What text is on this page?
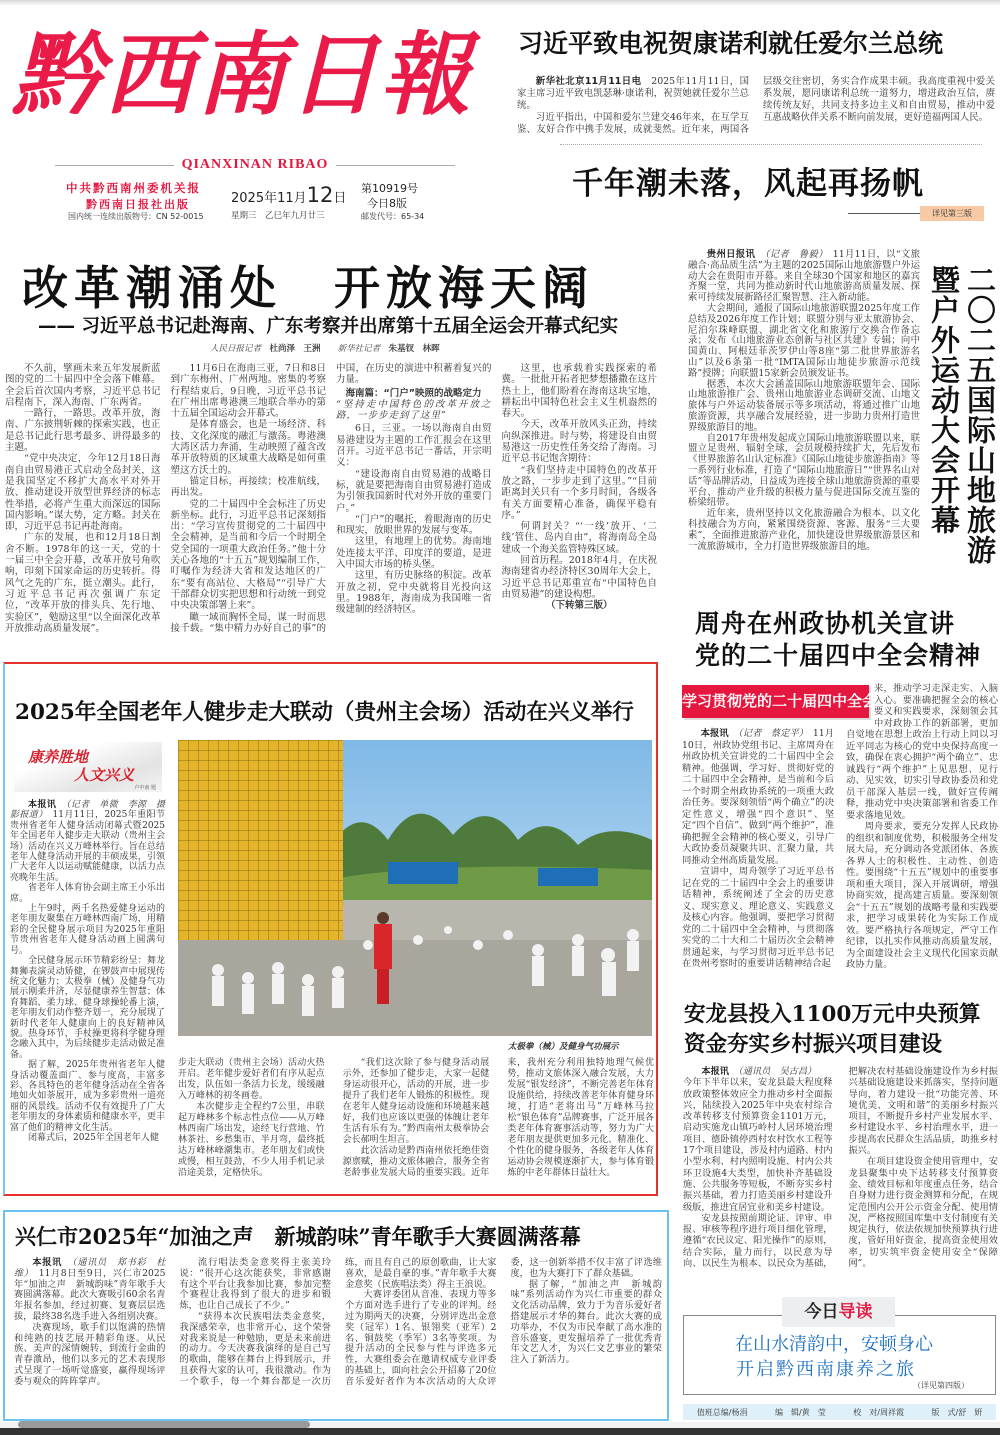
黔西南日報
QIANXINAN RIBAO
中共黔西南州委机关报
黔西南日报社出版
国内统一连续出版物号：CN 52-0015
2025年11月12日
星期三　乙巳年九月廿三
第10919号
今日8版
邮发代号：65-34
习近平致电祝贺康诺利就任爱尔兰总统

新华社北京11月11日电　 2025年11月11日，国家主席习近平致电凯瑟琳·康诺利，祝贺她就任爱尔兰总统。

习近平指出，中国和爱尔兰建交46年来，在互学互鉴、友好合作中携手发展，成就斐然。近年来，两国各层级交往密切，务实合作成果丰硕。我高度重视中爱关系发展，愿同康诺利总统一道努力，增进政治互信，赓续传统友好，共同支持多边主义和自由贸易，推动中爱互惠战略伙伴关系不断向前发展，更好造福两国人民。

千年潮未落，风起再扬帆
详见第三版
改革潮涌处　开放海天阔
—— 习近平总书记赴海南、广东考察并出席第十五届全运会开幕式纪实
人民日报记者　 杜尚泽　王洲　　 新华社记者　 朱基钗　林晖

不久前，擘画未来五年发展新蓝图的党的二十届四中全会落下帷幕。全会后首次国内考察，习近平总书记启程南下，深入海南、广东两省。

一路行，一路思。改革开放，海南、广东披荆斩棘的探索实践，也正是总书记此行思考最多、讲得最多的主题。

“党中央决定，今年12月18日海南自由贸易港正式启动全岛封关，这是我国坚定不移扩大高水平对外开放、推动建设开放型世界经济的标志性举措，必将产生重大而深远的国际国内影响。”谋大势，定方略。封关在即，习近平总书记再赴海南。

广东的发展，也和12月18日割舍不断。1978年的这一天，党的十一届三中全会开幕，改革开放号角吹响，印刻下国家命运的历史转折。得风气之先的广东，挺立潮头。此行，习近平总书记再次强调广东定位，“改革开放的排头兵、先行地、实验区”，勉励这里“以全面深化改革开放推动高质量发展”。

11月6日在海南三亚，7日和8日到广东梅州、广州两地。密集的考察行程结束后，9日晚，习近平总书记在广州出席粤港澳三地联合举办的第十五届全国运动会开幕式。

是体育盛会，也是一场经济、科技、文化深度的融汇与激荡。粤港澳大湾区活力奔涌，生动映照了蕴含改革开放特质的区域重大战略是如何重塑这方沃土的。

锚定目标，再接续；校准航线，再出发。

党的二十届四中全会标注了历史新坐标。此行，习近平总书记深刻指出：“学习宣传贯彻党的二十届四中全会精神，是当前和今后一个时期全党全国的一项重大政治任务。”他十分关心各地的“十五五”规划编制工作，叮嘱作为经济大省和发达地区的广东“要有高站位、大格局”“引导广大干部群众切实把思想和行动统一到党中央决策部署上来”。

瞰一域而胸怀全局，谋一时而思接千载。“集中精力办好自己的事”的中国，在历史的演进中积蓄着复兴的力量。

海南篇：“门户”映照的战略定力
“坚持走中国特色的改革开放之路，一步步走到了这里”

6日，三亚。一场以海南自由贸易港建设为主题的工作汇报会在这里召开。习近平总书记一番话，开宗明义：

“建设海南自由贸易港的战略目标，就是要把海南自由贸易港打造成为引领我国新时代对外开放的重要门户。”

“门户”的嘱托，着眼海南的历史和现实，放眼世界的发展与变革。

这里，有地理上的优势。海南地处连接太平洋、印度洋的要道，是进入中国大市场的桥头堡。

这里，有历史脉络的积淀。改革开放之初，党中央就将目光投向这里。1988年，海南成为我国唯一省级建制的经济特区。

这里，也承载着实践探索的希冀。一批批开拓者把梦想播撒在这片热土上，他们盼着在海南这块宝地，耕耘出中国特色社会主义生机盎然的春天。

今天，改革开放风头正劲，持续向纵深推进。时与势，将建设自由贸易港这一历史性任务交给了海南。习近平总书记饱含期待：

“我们坚持走中国特色的改革开放之路，一步步走到了这里。”“目前距离封关只有一个多月时间，各级各有关方面要精心准备，确保平稳有序。”

何谓封关？“‘一线’放开、‘二线’管住、岛内自由”，将海南岛全岛建成一个海关监管特殊区域。

回首历程。2018年4月，在庆祝海南建省办经济特区30周年大会上，习近平总书记郑重宣布“中国特色自由贸易港”的建设构想。

（下转第三版）

贵州日报讯　 （记者　鲁毅）　 11月11日，以“文旅融合·高品质生活”为主题的2025国际山地旅游暨户外运动大会在贵阳市开幕。来自全球30个国家和地区的嘉宾齐聚一堂，共同为推动新时代山地旅游高质量发展、探索可持续发展新路径汇聚智慧、注入新动能。

大会期间，通报了国际山地旅游联盟2025年度工作总结及2026年度工作计划；联盟分别与亚太旅游协会、尼泊尔珠峰联盟、湖北省文化和旅游厅交换合作备忘录；发布《山地旅游业态创新与社区共建》专辑；向中国黄山、阿根廷菲茨罗伊山等8座“第二批世界旅游名山”以及6条第一批“IMTA国际山地徒步旅游示范线路”授牌；向联盟15家新会员颁发证书。

据悉，本次大会涵盖国际山地旅游联盟年会、国际山地旅游推广会、贵州山地旅游业态调研交流、山地文旅体与户外运动装备展示等多项活动，将通过推广山地旅游资源，共享融合发展经验，进一步助力贵州打造世界级旅游目的地。

自2017年贵州发起成立国际山地旅游联盟以来，联盟立足贵州、辐射全球，会员规模持续扩大，先后发布《世界旅游名山认定标准》《国际山地徒步旅游指南》等一系列行业标准，打造了“国际山地旅游日”“世界名山对话”等品牌活动，日益成为连接全球山地旅游资源的重要平台、推动产业升级的积极力量与促进国际交流互鉴的桥梁纽带。

近年来，贵州坚持以文化旅游融合为根本、以文化科技融合为方向，紧紧围绕资源、客源、服务“三大要素”，全面推进旅游产业化，加快建设世界级旅游景区和一流旅游城市，全力打造世界级旅游目的地。	二〇二五国际山地旅游暨户外运动大会开幕
周舟在州政协机关宣讲
党的二十届四中全会精神
学习贯彻党的二十届四中全会精神

本报讯　 （记者　蔡定平）　 11月10日，州政协党组书记、主席周舟在州政协机关宣讲党的二十届四中全会精神。他强调，学习好、贯彻好党的二十届四中全会精神，是当前和今后一个时期全州政协系统的一项重大政治任务。要深刻领悟“两个确立”的决定性意义，增强“四个意识”、坚定“四个自信”、做到“两个维护”，准确把握全会精神的核心要义，引导广大政协委员凝聚共识、汇聚力量，共同推动全州高质量发展。

宣讲中，周舟领学了习近平总书记在党的二十届四中全会上的重要讲话精神，系统阐述了全会的历史意义、现实意义、理论意义、实践意义及核心内容。他强调，要把学习贯彻党的二十届四中全会精神，与贯彻落实党的二十大和二十届历次全会精神贯通起来，与学习贯彻习近平总书记在贵州考察时的重要讲话精神结合起

来，推动学习走深走实、入脑入心。要准确把握全会的核心要义和实践要求，深刻领会其中对政协工作的新部署，更加自觉地在思想上政治上行动上同以习近平同志为核心的党中央保持高度一致，确保在衷心拥护“两个确立”、忠诚践行“两个维护”上见思想、见行动、见实效，切实引导政协委员和党员干部深入基层一线，做好宣传阐释，推动党中央决策部署和省委工作要求落地见效。

周舟要求，要充分发挥人民政协的组织和制度优势，积极服务全州发展大局，充分调动各党派团体、各族各界人士的积极性、主动性、创造性。要围绕“十五五”规划中的重要事项和重大项目，深入开展调研，增强协商实效，提高建言质量。要深刻领会“十五五”规划的战略考量和实践要求，把学习成果转化为实际工作成效。要严格执行各项规定，严守工作纪律，以扎实作风推动高质量发展，为全面建设社会主义现代化国家贡献政协力量。

安龙县投入1100万元中央预算
资金夯实乡村振兴项目建设

本报讯　 （通讯员　吴古昌）
今年下半年以来，安龙县最大程度释放政策整体效应全力推动乡村全面振兴，陆续投入2025年中央农村综合改革转移支付预算资金1101万元，启动实施龙山镇巧岭村人居环境治理项目、德卧镇停西村农村饮水工程等17个项目建设，涉及村内道路、村内小型水利、村内照明设施、村内公共环卫设施4大类型，加快补齐基础设施、公共服务等短板，不断夯实乡村振兴基础，着力打造美丽乡村建设升级版，推进宜居宜业和美乡村建设。

安龙县按照前期论证、评审、申报、审核等程序进行项目细化管理，遵循“农民议定、阳光操作”的原则，结合实际，量力而行，以民意为导向、以民生为根本、以民众为基础，把解决农村基础设施建设作为乡村振兴基础设施建设来抓落实，坚持问题导向，着力建设一批“功能完善、环境优美、文明和谐”的美丽乡村振兴项目，不断提升乡村产业发展水平、乡村建设水平、乡村治理水平，进一步提高农民群众生活品质，助推乡村振兴。

在项目建设资金使用管理中，安龙县聚集中央下达转移支付预算资金、绩效目标和年度重点任务，结合自身财力进行资金测算和分配，在规定范围内公开公示资金分配、使用情况，严格按照国库集中支付制度有关规定执行，依法依规加快预算执行进度，管好用好资金，提高资金使用效率，切实筑牢资金使用安全“保障网”。

2025年全国老年人健步走大联动（贵州主会场）活动在兴义举行
康养胜地
人文兴义
卢中南 题

本报讯　 （记者　单微　李源　摄影报道）　 11月11日，2025年重阳节贵州省老年人健身活动闭幕式暨2025年全国老年人健步走大联动（贵州主会场）活动在兴义万峰林举行。旨在总结老年人健身活动开展的丰硕成果，引领广大老年人以运动赋能健康，以活力点亮晚年生活。

省老年人体育协会副主席王小乐出席。

上午9时，两千名热爱健身运动的老年朋友聚集在万峰林西南广场，用精彩的全民健身展示项目为2025年重阳节贵州省老年人健身活动画上圆满句号。

全民健身展示环节精彩纷呈：舞龙舞狮表演灵动矫健，在锣鼓声中展现传统文化魅力；太极拳（械）及健身气功展示刚柔并济，尽显健康养生智慧；体育舞蹈、柔力球、健身球操轮番上演，老年朋友们动作整齐划一，充分展现了新时代老年人健康向上的良好精神风貌。热身环节，手杖操更将科学健身理念融入其中，为后续健步走活动做足准备。

据了解，2025年贵州省老年人健身活动覆盖面广、参与度高，丰富多彩、各具特色的老年健身活动在全省各地如火如荼展开，成为多彩贵州一道亮丽的风景线。活动不仅有效提升了广大老年朋友的身体素质和健康水平，更丰富了他们的精神文化生活。

闭幕式后，2025年全国老年人健

太极拳（械）及健身气功展示

步走大联动（贵州主会场）活动火热开启。老年健步爱好者们有序从起点出发，队伍如一条活力长龙，缓缓融入万峰林的初冬画卷。

本次健步走全程约7公里，串联起万峰林多个标志性点位——从万峰林西南广场出发，途经飞行营地、竹林茶社、乡愁集市、半月弯，最终抵达万峰林峰潮集市。老年朋友们或快或慢，相互鼓劲，不少人用手机记录沿途美景，定格快乐。

“我们这次除了参与健身活动展示外，还参加了健步走，大家一起健身运动很开心，活动的开展，进一步提升了我们老年人锻炼的积极性。现在老年人健身运动设施和环境越来越好，我们也应该以更强的体魄让老年生活有乐有为。”黔西南州太极拳协会会长郝明生坦言。

此次活动是黔西南州依托绝佳资源禀赋，推动文旅体融合，服务全省老龄事业发展大局的重要实践。近年来，我州充分利用独特地理气候优势，推动文旅体深入融合发展，大力发展“银发经济”，不断完善老年体育设施供给，持续改善老年体育健身环境，打造“老将出马”万峰林马拉松“银色体育”品牌赛事，广泛开展各类老年体育赛事活动等，努力为广大老年朋友提供更加多元化、精准化、个性化的健身服务，各级老年人体育运动协会规模逐渐扩大，参与体育锻炼的中老年群体日益壮大。

兴仁市2025年“加油之声　新城韵味”青年歌手大赛圆满落幕

本报讯　 （通讯员　郑书彩　杜维）　 11月8日至9日，兴仁市2025年“加油之声　新城韵味”青年歌手大赛圆满落幕。此次大赛吸引60余名青年报名参加，经过初赛、复赛层层选拔，最终38名选手进入各组别决赛。

决赛现场，歌手们以饱满的热情和纯熟的技艺展开精彩角逐。从民族、美声的深情婉转，到流行金曲的青春激昂，他们以多元的艺术表现形式呈现了一场听觉盛宴，赢得现场评委与观众的阵阵掌声。

流行唱法类金意奖得主张美玲说：“很开心这次能获奖，非常感谢有这个平台让我参加比赛，参加完整个赛程让我得到了很大的进步和锻炼，也让自己成长了不少。”

“获得本次民族唱法类金意奖，我深感荣幸，也非常开心，这个荣誉对我来说是一种勉励，更是未来前进的动力。今天决赛我演绎的是自己写的歌曲，能够在舞台上得到展示，并且获得大家的认可，我很激动。作为一个歌手，每一个舞台都是一次历练，而且有自己的原创歌曲，让大家喜欢，是最自豪的事。”青年歌手大赛金意奖（民族唱法类）得主王浪说。

大赛评委团从音准、表现力等多个方面对选手进行了专业的评判。经过为期两天的决赛，分别评选出金意奖（冠军）1名、银翎奖（亚军）2名、铜鼓奖（季军）3名等奖项。为提升活动的全民参与性与评选多元性，大赛组委会在邀请权威专业评委的基础上，面向社会公开招募了20位音乐爱好者作为本次活动的大众评委，这一创新举措不仅丰富了评选维度，也为大赛打下了群众基础。

据了解，“加油之声　新城韵味”系列活动作为兴仁市重要的群众文化活动品牌，致力于为音乐爱好者搭建展示才华的舞台。此次大赛的成功举办，不仅为市民奉献了高水准的音乐盛宴，更发掘培养了一批优秀青年文艺人才，为兴仁文艺事业的繁荣注入了新活力。

今日导读
在山水清韵中，安顿身心
开启黔西南康养之旅
（详见第四版）
值班总编/杨涓	编　辑/黄　莹	校　对/周祥霞	版　式/舒　妍
